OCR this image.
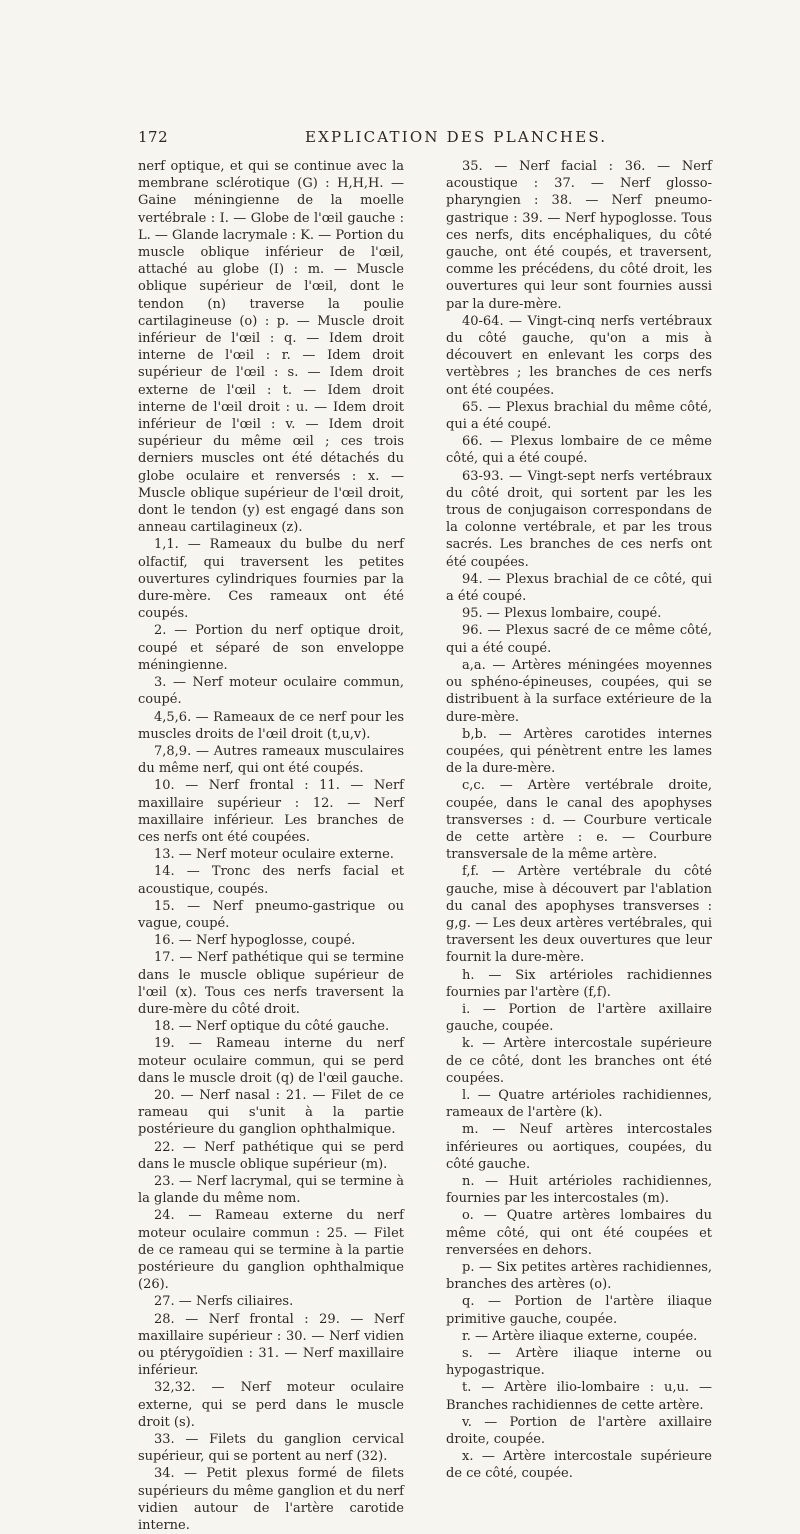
172	EXPLICATION DES PLANCHES.

nerf optique, et qui se continue avec la membrane sclérotique (G) : H,H,H. — Gaine méningienne de la moelle vertébrale : I. — Globe de l'œil gauche : L. — Glande lacrymale : K. — Portion du muscle oblique inférieur de l'œil, attaché au globe (I) : m. — Muscle oblique supérieur de l'œil, dont le tendon (n) traverse la poulie cartilagineuse (o) : p. — Muscle droit inférieur de l'œil : q. — Idem droit interne de l'œil : r. — Idem droit supérieur de l'œil : s. — Idem droit externe de l'œil : t. — Idem droit interne de l'œil droit : u. — Idem droit inférieur de l'œil : v. — Idem droit supérieur du même œil ; ces trois derniers muscles ont été détachés du globe oculaire et renversés : x. — Muscle oblique supérieur de l'œil droit, dont le tendon (y) est engagé dans son anneau cartilagineux (z).

1,1. — Rameaux du bulbe du nerf olfactif, qui traversent les petites ouvertures cylindriques fournies par la dure-mère. Ces rameaux ont été coupés.

2. — Portion du nerf optique droit, coupé et séparé de son enveloppe méningienne.

3. — Nerf moteur oculaire commun, coupé.

4,5,6. — Rameaux de ce nerf pour les muscles droits de l'œil droit (t,u,v).

7,8,9. — Autres rameaux musculaires du même nerf, qui ont été coupés.

10. — Nerf frontal : 11. — Nerf maxillaire supérieur : 12. — Nerf maxillaire inférieur. Les branches de ces nerfs ont été coupées.

13. — Nerf moteur oculaire externe.

14. — Tronc des nerfs facial et acoustique, coupés.

15. — Nerf pneumo-gastrique ou vague, coupé.

16. — Nerf hypoglosse, coupé.

17. — Nerf pathétique qui se termine dans le muscle oblique supérieur de l'œil (x). Tous ces nerfs traversent la dure-mère du côté droit.

18. — Nerf optique du côté gauche.

19. — Rameau interne du nerf moteur oculaire commun, qui se perd dans le muscle droit (q) de l'œil gauche.

20. — Nerf nasal : 21. — Filet de ce rameau qui s'unit à la partie postérieure du ganglion ophthalmique.

22. — Nerf pathétique qui se perd dans le muscle oblique supérieur (m).

23. — Nerf lacrymal, qui se termine à la glande du même nom.

24. — Rameau externe du nerf moteur oculaire commun : 25. — Filet de ce rameau qui se termine à la partie postérieure du ganglion ophthalmique (26).

27. — Nerfs ciliaires.

28. — Nerf frontal : 29. — Nerf maxillaire supérieur : 30. — Nerf vidien ou ptérygoïdien : 31. — Nerf maxillaire inférieur.

32,32. — Nerf moteur oculaire externe, qui se perd dans le muscle droit (s).

33. — Filets du ganglion cervical supérieur, qui se portent au nerf (32).

34. — Petit plexus formé de filets supérieurs du même ganglion et du nerf vidien autour de l'artère carotide interne.

35. — Nerf facial : 36. — Nerf acoustique : 37. — Nerf glosso-pharyngien : 38. — Nerf pneumo-gastrique : 39. — Nerf hypoglosse. Tous ces nerfs, dits encéphaliques, du côté gauche, ont été coupés, et traversent, comme les précédens, du côté droit, les ouvertures qui leur sont fournies aussi par la dure-mère.

40-64. — Vingt-cinq nerfs vertébraux du côté gauche, qu'on a mis à découvert en enlevant les corps des vertèbres ; les branches de ces nerfs ont été coupées.

65. — Plexus brachial du même côté, qui a été coupé.

66. — Plexus lombaire de ce même côté, qui a été coupé.

63-93. — Vingt-sept nerfs vertébraux du côté droit, qui sortent par les les trous de conjugaison correspondans de la colonne vertébrale, et par les trous sacrés. Les branches de ces nerfs ont été coupées.

94. — Plexus brachial de ce côté, qui a été coupé.

95. — Plexus lombaire, coupé.

96. — Plexus sacré de ce même côté, qui a été coupé.

a,a. — Artères méningées moyennes ou sphéno-épineuses, coupées, qui se distribuent à la surface extérieure de la dure-mère.

b,b. — Artères carotides internes coupées, qui pénètrent entre les lames de la dure-mère.

c,c. — Artère vertébrale droite, coupée, dans le canal des apophyses transverses : d. — Courbure verticale de cette artère : e. — Courbure transversale de la même artère.

f,f. — Artère vertébrale du côté gauche, mise à découvert par l'ablation du canal des apophyses transverses : g,g. — Les deux artères vertébrales, qui traversent les deux ouvertures que leur fournit la dure-mère.

h. — Six artérioles rachidiennes fournies par l'artère (f,f).

i. — Portion de l'artère axillaire gauche, coupée.

k. — Artère intercostale supérieure de ce côté, dont les branches ont été coupées.

l. — Quatre artérioles rachidiennes, rameaux de l'artère (k).

m. — Neuf artères intercostales inférieures ou aortiques, coupées, du côté gauche.

n. — Huit artérioles rachidiennes, fournies par les intercostales (m).

o. — Quatre artères lombaires du même côté, qui ont été coupées et renversées en dehors.

p. — Six petites artères rachidiennes, branches des artères (o).

q. — Portion de l'artère iliaque primitive gauche, coupée.

r. — Artère iliaque externe, coupée.

s. — Artère iliaque interne ou hypogastrique.

t. — Artère ilio-lombaire : u,u. — Branches rachidiennes de cette artère.

v. — Portion de l'artère axillaire droite, coupée.

x. — Artère intercostale supérieure de ce côté, coupée.
